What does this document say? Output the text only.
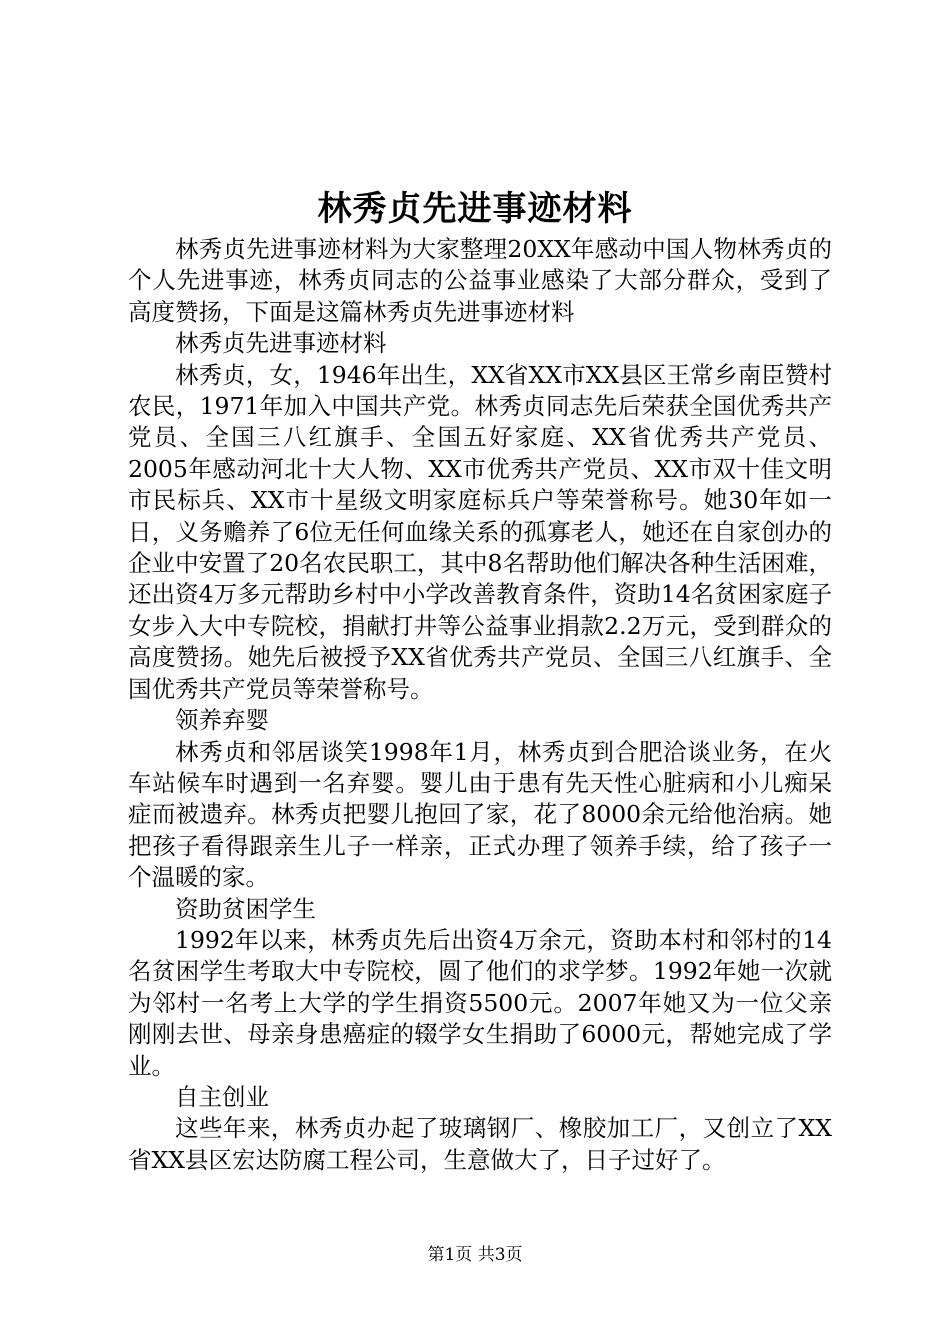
林秀贞先进事迹材料

林秀贞先进事迹材料为大家整理20XX年感动中国人物林秀贞的个人先进事迹，林秀贞同志的公益事业感染了大部分群众，受到了高度赞扬，下面是这篇林秀贞先进事迹材料

林秀贞先进事迹材料

林秀贞，女，1946年出生，XX省XX市XX县区王常乡南臣赞村农民，1971年加入中国共产党。林秀贞同志先后荣获全国优秀共产党员、全国三八红旗手、全国五好家庭、XX省优秀共产党员、2005年感动河北十大人物、XX市优秀共产党员、XX市双十佳文明市民标兵、XX市十星级文明家庭标兵户等荣誉称号。她30年如一日，义务赡养了6位无任何血缘关系的孤寡老人，她还在自家创办的企业中安置了20名农民职工，其中8名帮助他们解决各种生活困难，还出资4万多元帮助乡村中小学改善教育条件，资助14名贫困家庭子女步入大中专院校，捐献打井等公益事业捐款2.2万元，受到群众的高度赞扬。她先后被授予XX省优秀共产党员、全国三八红旗手、全国优秀共产党员等荣誉称号。

领养弃婴

林秀贞和邻居谈笑1998年1月，林秀贞到合肥洽谈业务，在火车站候车时遇到一名弃婴。婴儿由于患有先天性心脏病和小儿痴呆症而被遗弃。林秀贞把婴儿抱回了家，花了8000余元给他治病。她把孩子看得跟亲生儿子一样亲，正式办理了领养手续，给了孩子一个温暖的家。

资助贫困学生

1992年以来，林秀贞先后出资4万余元，资助本村和邻村的14名贫困学生考取大中专院校，圆了他们的求学梦。1992年她一次就为邻村一名考上大学的学生捐资5500元。2007年她又为一位父亲刚刚去世、母亲身患癌症的辍学女生捐助了6000元，帮她完成了学业。

自主创业

这些年来，林秀贞办起了玻璃钢厂、橡胶加工厂，又创立了XX省XX县区宏达防腐工程公司，生意做大了，日子过好了。

第1页 共3页
